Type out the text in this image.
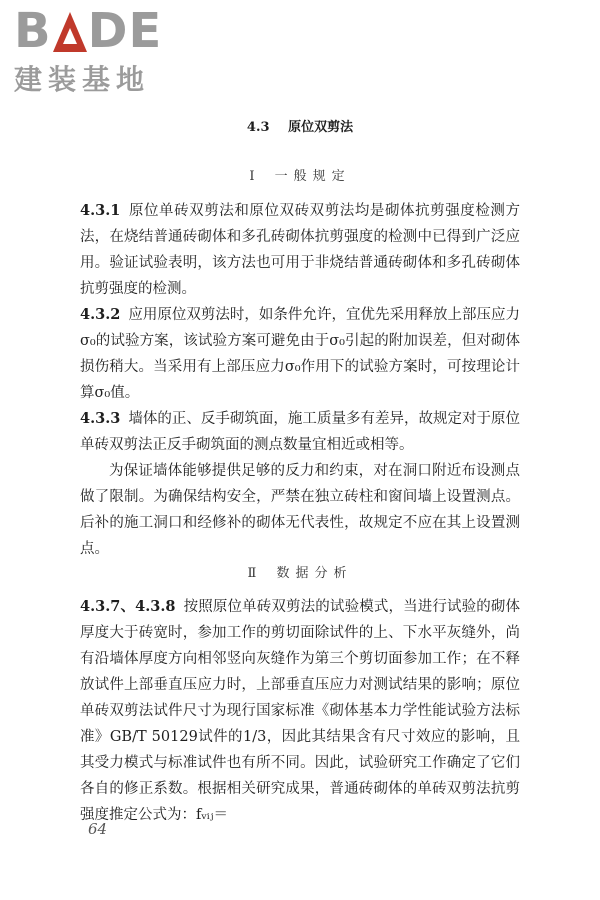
B DE
建装基地
4.3 原位双剪法
Ⅰ 一般规定

4.3.1 原位单砖双剪法和原位双砖双剪法均是砌体抗剪强度检测方法，在烧结普通砖砌体和多孔砖砌体抗剪强度的检测中已得到广泛应用。验证试验表明，该方法也可用于非烧结普通砖砌体和多孔砖砌体抗剪强度的检测。

4.3.2 应用原位双剪法时，如条件允许，宜优先采用释放上部压应力σ₀的试验方案，该试验方案可避免由于σ₀引起的附加误差，但对砌体损伤稍大。当采用有上部压应力σ₀作用下的试验方案时，可按理论计算σ₀值。

4.3.3 墙体的正、反手砌筑面，施工质量多有差异，故规定对于原位单砖双剪法正反手砌筑面的测点数量宜相近或相等。

为保证墙体能够提供足够的反力和约束，对在洞口附近布设测点做了限制。为确保结构安全，严禁在独立砖柱和窗间墙上设置测点。后补的施工洞口和经修补的砌体无代表性，故规定不应在其上设置测点。

Ⅱ 数据分析

4.3.7、4.3.8 按照原位单砖双剪法的试验模式，当进行试验的砌体厚度大于砖宽时，参加工作的剪切面除试件的上、下水平灰缝外，尚有沿墙体厚度方向相邻竖向灰缝作为第三个剪切面参加工作；在不释放试件上部垂直压应力时，上部垂直压应力对测试结果的影响；原位单砖双剪法试件尺寸为现行国家标准《砌体基本力学性能试验方法标准》GB/T 50129试件的1/3，因此其结果含有尺寸效应的影响，且其受力模式与标准试件也有所不同。因此，试验研究工作确定了它们各自的修正系数。根据相关研究成果，普通砖砌体的单砖双剪法抗剪强度推定公式为：fᵥᵢⱼ＝

64
